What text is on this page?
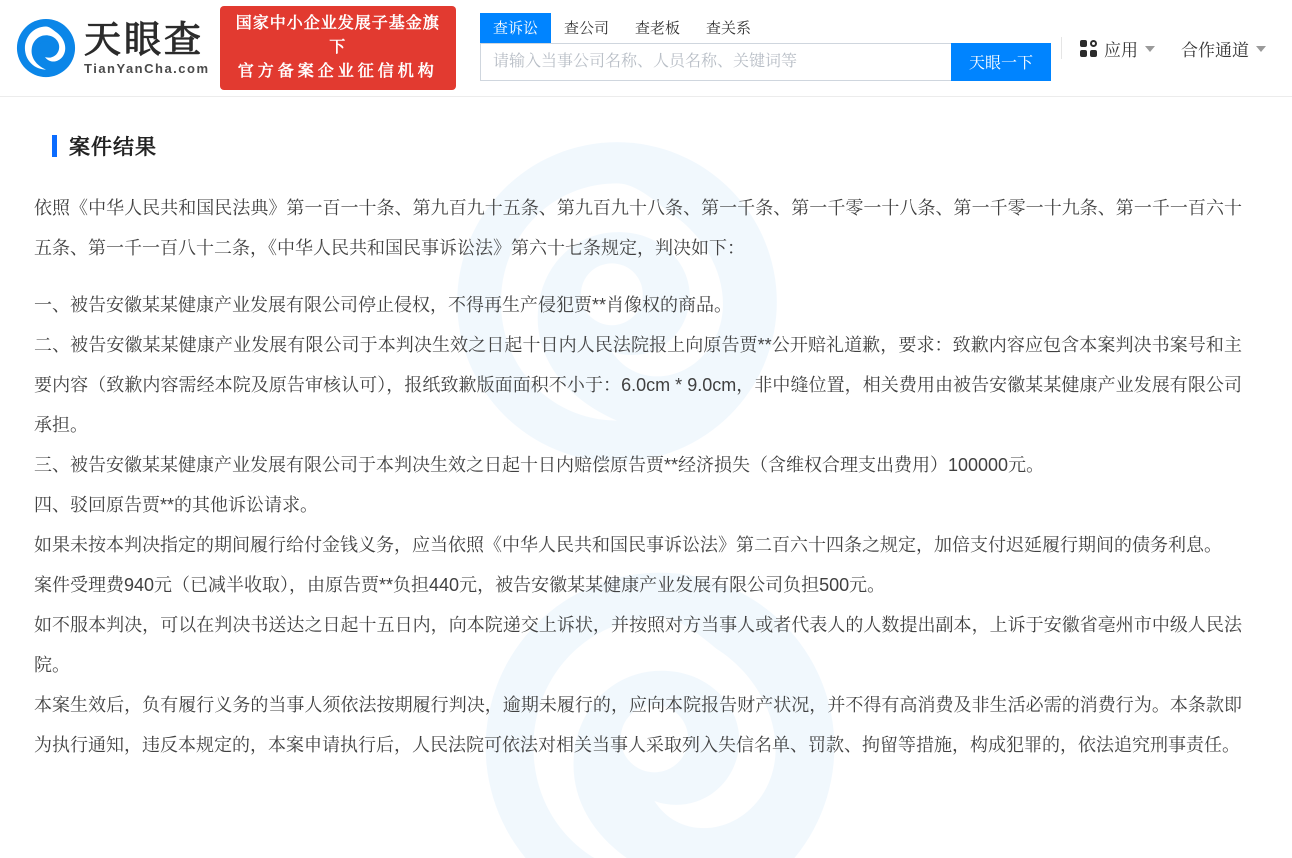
天眼查
TianYanCha.com
国家中小企业发展子基金旗下
官方备案企业征信机构
查诉讼	查公司	查老板	查关系
请输入当事公司名称、人员名称、关键词等
天眼一下
应用	合作通道
案件结果

依照《中华人民共和国民法典》第一百一十条、第九百九十五条、第九百九十八条、第一千条、第一千零一十八条、第一千零一十九条、第一千一百六十五条、第一千一百八十二条，《中华人民共和国民事诉讼法》第六十七条规定，判决如下：

一、被告安徽某某健康产业发展有限公司停止侵权，不得再生产侵犯贾**肖像权的商品。

二、被告安徽某某健康产业发展有限公司于本判决生效之日起十日内人民法院报上向原告贾**公开赔礼道歉，要求：致歉内容应包含本案判决书案号和主要内容（致歉内容需经本院及原告审核认可），报纸致歉版面面积不小于：6.0cm * 9.0cm，非中缝位置，相关费用由被告安徽某某健康产业发展有限公司承担。

三、被告安徽某某健康产业发展有限公司于本判决生效之日起十日内赔偿原告贾**经济损失（含维权合理支出费用）100000元。

四、驳回原告贾**的其他诉讼请求。

如果未按本判决指定的期间履行给付金钱义务，应当依照《中华人民共和国民事诉讼法》第二百六十四条之规定，加倍支付迟延履行期间的债务利息。

案件受理费940元（已减半收取），由原告贾**负担440元，被告安徽某某健康产业发展有限公司负担500元。

如不服本判决，可以在判决书送达之日起十五日内，向本院递交上诉状，并按照对方当事人或者代表人的人数提出副本，上诉于安徽省亳州市中级人民法院。

本案生效后，负有履行义务的当事人须依法按期履行判决，逾期未履行的，应向本院报告财产状况，并不得有高消费及非生活必需的消费行为。本条款即为执行通知，违反本规定的，本案申请执行后，人民法院可依法对相关当事人采取列入失信名单、罚款、拘留等措施，构成犯罪的，依法追究刑事责任。
